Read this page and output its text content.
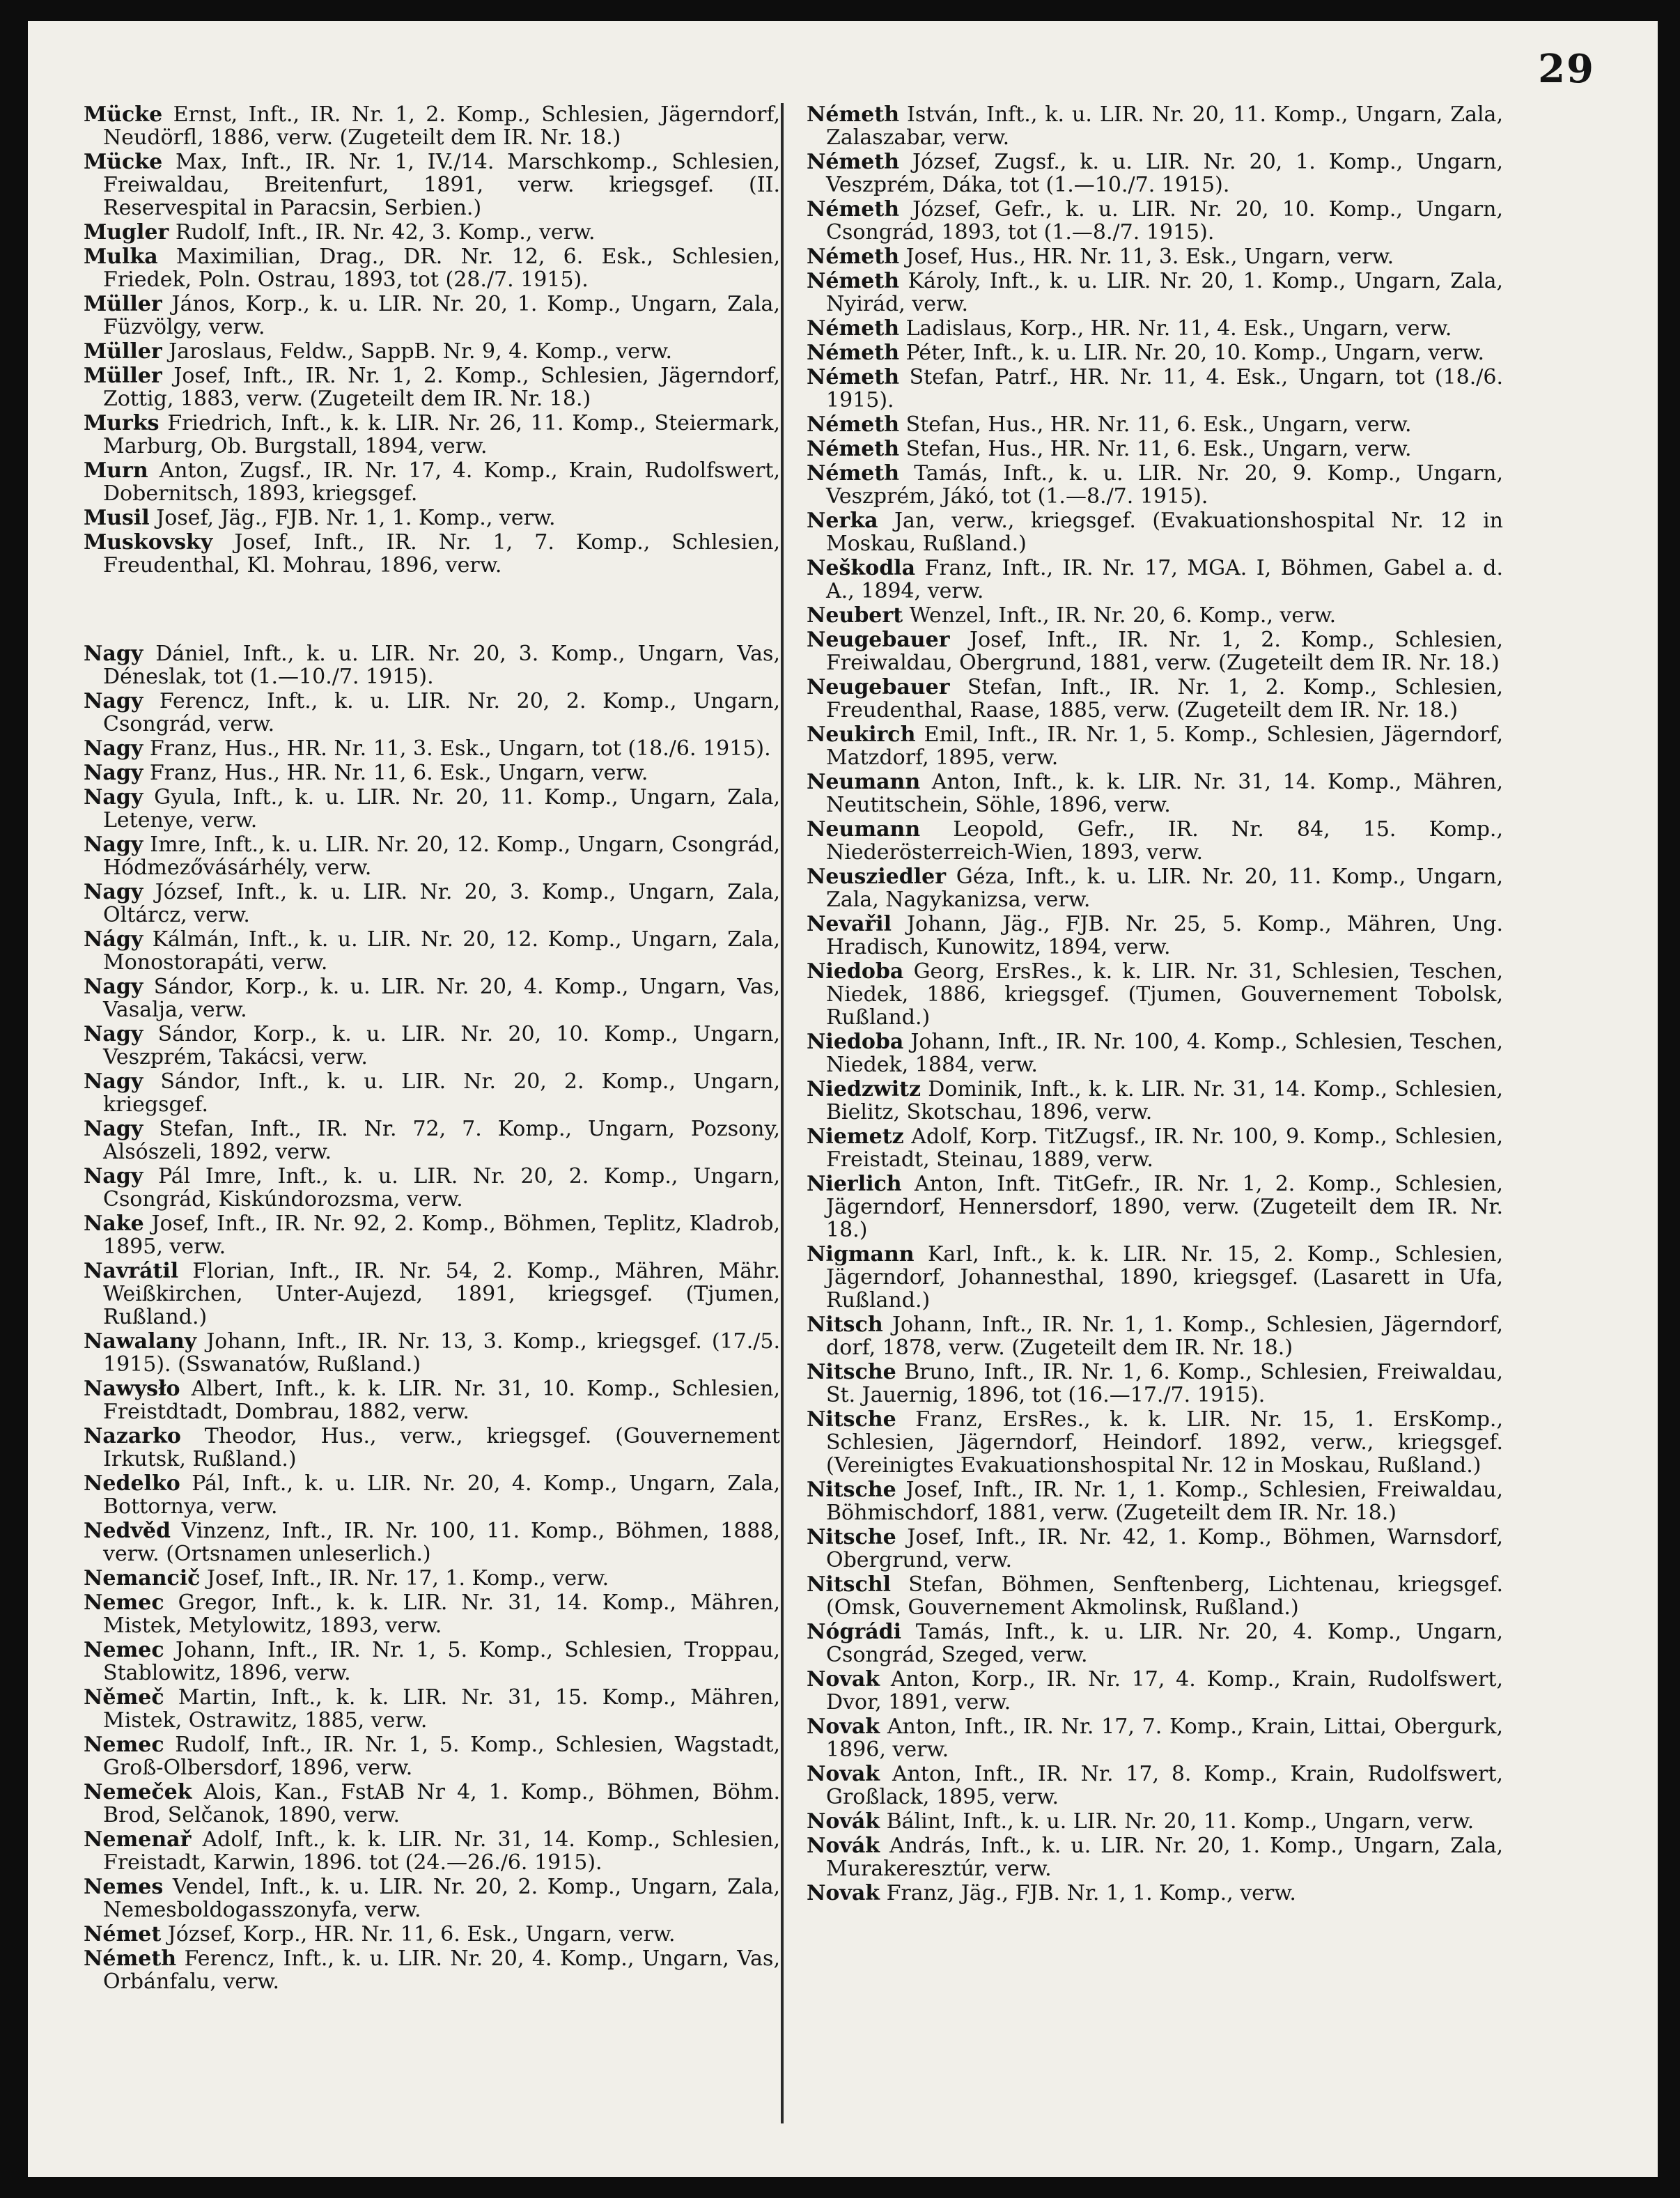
29
Mücke Ernst, Inft., IR. Nr. 1, 2. Komp., Schlesien, Jägerndorf, Neudörfl, 1886, verw. (Zugeteilt dem IR. Nr. 18.)
Mücke Max, Inft., IR. Nr. 1, IV./14. Marschkomp., Schlesien, Freiwaldau, Breitenfurt, 1891, verw. kriegsgef. (II. Reservespital in Paracsin, Serbien.)
Mugler Rudolf, Inft., IR. Nr. 42, 3. Komp., verw.
Mulka Maximilian, Drag., DR. Nr. 12, 6. Esk., Schlesien, Friedek, Poln. Ostrau, 1893, tot (28./7. 1915).
Müller János, Korp., k. u. LIR. Nr. 20, 1. Komp., Ungarn, Zala, Füzvölgy, verw.
Müller Jaroslaus, Feldw., SappB. Nr. 9, 4. Komp., verw.
Müller Josef, Inft., IR. Nr. 1, 2. Komp., Schlesien, Jägerndorf, Zottig, 1883, verw. (Zugeteilt dem IR. Nr. 18.)
Murks Friedrich, Inft., k. k. LIR. Nr. 26, 11. Komp., Steiermark, Marburg, Ob. Burgstall, 1894, verw.
Murn Anton, Zugsf., IR. Nr. 17, 4. Komp., Krain, Rudolfswert, Dobernitsch, 1893, kriegsgef.
Musil Josef, Jäg., FJB. Nr. 1, 1. Komp., verw.
Muskovsky Josef, Inft., IR. Nr. 1, 7. Komp., Schlesien, Freudenthal, Kl. Mohrau, 1896, verw.
Nagy Dániel, Inft., k. u. LIR. Nr. 20, 3. Komp., Ungarn, Vas, Déneslak, tot (1.—10./7. 1915).
Nagy Ferencz, Inft., k. u. LIR. Nr. 20, 2. Komp., Ungarn, Csongrád, verw.
Nagy Franz, Hus., HR. Nr. 11, 3. Esk., Ungarn, tot (18./6. 1915).
Nagy Franz, Hus., HR. Nr. 11, 6. Esk., Ungarn, verw.
Nagy Gyula, Inft., k. u. LIR. Nr. 20, 11. Komp., Ungarn, Zala, Letenye, verw.
Nagy Imre, Inft., k. u. LIR. Nr. 20, 12. Komp., Ungarn, Csongrád, Hódmezővásárhély, verw.
Nagy József, Inft., k. u. LIR. Nr. 20, 3. Komp., Ungarn, Zala, Oltárcz, verw.
Nágy Kálmán, Inft., k. u. LIR. Nr. 20, 12. Komp., Ungarn, Zala, Monostorapáti, verw.
Nagy Sándor, Korp., k. u. LIR. Nr. 20, 4. Komp., Ungarn, Vas, Vasalja, verw.
Nagy Sándor, Korp., k. u. LIR. Nr. 20, 10. Komp., Ungarn, Veszprém, Takácsi, verw.
Nagy Sándor, Inft., k. u. LIR. Nr. 20, 2. Komp., Ungarn, kriegsgef.
Nagy Stefan, Inft., IR. Nr. 72, 7. Komp., Ungarn, Pozsony, Alsószeli, 1892, verw.
Nagy Pál Imre, Inft., k. u. LIR. Nr. 20, 2. Komp., Ungarn, Csongrád, Kiskúndorozsma, verw.
Nake Josef, Inft., IR. Nr. 92, 2. Komp., Böhmen, Teplitz, Kladrob, 1895, verw.
Navrátil Florian, Inft., IR. Nr. 54, 2. Komp., Mähren, Mähr. Weißkirchen, Unter-Aujezd, 1891, kriegsgef. (Tjumen, Rußland.)
Nawalany Johann, Inft., IR. Nr. 13, 3. Komp., kriegsgef. (17./5. 1915). (Sswanatów, Rußland.)
Nawysło Albert, Inft., k. k. LIR. Nr. 31, 10. Komp., Schlesien, Freistdtadt, Dombrau, 1882, verw.
Nazarko Theodor, Hus., verw., kriegsgef. (Gouvernement Irkutsk, Rußland.)
Nedelko Pál, Inft., k. u. LIR. Nr. 20, 4. Komp., Ungarn, Zala, Bottornya, verw.
Nedvěd Vinzenz, Inft., IR. Nr. 100, 11. Komp., Böhmen, 1888, verw. (Ortsnamen unleserlich.)
Nemancič Josef, Inft., IR. Nr. 17, 1. Komp., verw.
Nemec Gregor, Inft., k. k. LIR. Nr. 31, 14. Komp., Mähren, Mistek, Metylowitz, 1893, verw.
Nemec Johann, Inft., IR. Nr. 1, 5. Komp., Schlesien, Troppau, Stablowitz, 1896, verw.
Němeč Martin, Inft., k. k. LIR. Nr. 31, 15. Komp., Mähren, Mistek, Ostrawitz, 1885, verw.
Nemec Rudolf, Inft., IR. Nr. 1, 5. Komp., Schlesien, Wagstadt, Groß-Olbersdorf, 1896, verw.
Nemeček Alois, Kan., FstAB Nr 4, 1. Komp., Böhmen, Böhm. Brod, Selčanok, 1890, verw.
Nemenař Adolf, Inft., k. k. LIR. Nr. 31, 14. Komp., Schlesien, Freistadt, Karwin, 1896. tot (24.—26./6. 1915).
Nemes Vendel, Inft., k. u. LIR. Nr. 20, 2. Komp., Ungarn, Zala, Nemesboldogasszonyfa, verw.
Német József, Korp., HR. Nr. 11, 6. Esk., Ungarn, verw.
Németh Ferencz, Inft., k. u. LIR. Nr. 20, 4. Komp., Ungarn, Vas, Orbánfalu, verw.
Németh István, Inft., k. u. LIR. Nr. 20, 11. Komp., Ungarn, Zala, Zalaszabar, verw.
Németh József, Zugsf., k. u. LIR. Nr. 20, 1. Komp., Ungarn, Veszprém, Dáka, tot (1.—10./7. 1915).
Németh József, Gefr., k. u. LIR. Nr. 20, 10. Komp., Ungarn, Csongrád, 1893, tot (1.—8./7. 1915).
Németh Josef, Hus., HR. Nr. 11, 3. Esk., Ungarn, verw.
Németh Károly, Inft., k. u. LIR. Nr. 20, 1. Komp., Ungarn, Zala, Nyirád, verw.
Németh Ladislaus, Korp., HR. Nr. 11, 4. Esk., Ungarn, verw.
Németh Péter, Inft., k. u. LIR. Nr. 20, 10. Komp., Ungarn, verw.
Németh Stefan, Patrf., HR. Nr. 11, 4. Esk., Ungarn, tot (18./6. 1915).
Németh Stefan, Hus., HR. Nr. 11, 6. Esk., Ungarn, verw.
Németh Stefan, Hus., HR. Nr. 11, 6. Esk., Ungarn, verw.
Németh Tamás, Inft., k. u. LIR. Nr. 20, 9. Komp., Ungarn, Veszprém, Jákó, tot (1.—8./7. 1915).
Nerka Jan, verw., kriegsgef. (Evakuationshospital Nr. 12 in Moskau, Rußland.)
Neškodla Franz, Inft., IR. Nr. 17, MGA. I, Böhmen, Gabel a. d. A., 1894, verw.
Neubert Wenzel, Inft., IR. Nr. 20, 6. Komp., verw.
Neugebauer Josef, Inft., IR. Nr. 1, 2. Komp., Schlesien, Freiwaldau, Obergrund, 1881, verw. (Zugeteilt dem IR. Nr. 18.)
Neugebauer Stefan, Inft., IR. Nr. 1, 2. Komp., Schlesien, Freudenthal, Raase, 1885, verw. (Zugeteilt dem IR. Nr. 18.)
Neukirch Emil, Inft., IR. Nr. 1, 5. Komp., Schlesien, Jägerndorf, Matzdorf, 1895, verw.
Neumann Anton, Inft., k. k. LIR. Nr. 31, 14. Komp., Mähren, Neutitschein, Söhle, 1896, verw.
Neumann Leopold, Gefr., IR. Nr. 84, 15. Komp., Niederösterreich-Wien, 1893, verw.
Neusziedler Géza, Inft., k. u. LIR. Nr. 20, 11. Komp., Ungarn, Zala, Nagykanizsa, verw.
Nevařil Johann, Jäg., FJB. Nr. 25, 5. Komp., Mähren, Ung. Hradisch, Kunowitz, 1894, verw.
Niedoba Georg, ErsRes., k. k. LIR. Nr. 31, Schlesien, Teschen, Niedek, 1886, kriegsgef. (Tjumen, Gouvernement Tobolsk, Rußland.)
Niedoba Johann, Inft., IR. Nr. 100, 4. Komp., Schlesien, Teschen, Niedek, 1884, verw.
Niedzwitz Dominik, Inft., k. k. LIR. Nr. 31, 14. Komp., Schlesien, Bielitz, Skotschau, 1896, verw.
Niemetz Adolf, Korp. TitZugsf., IR. Nr. 100, 9. Komp., Schlesien, Freistadt, Steinau, 1889, verw.
Nierlich Anton, Inft. TitGefr., IR. Nr. 1, 2. Komp., Schlesien, Jägerndorf, Hennersdorf, 1890, verw. (Zugeteilt dem IR. Nr. 18.)
Nigmann Karl, Inft., k. k. LIR. Nr. 15, 2. Komp., Schlesien, Jägerndorf, Johannesthal, 1890, kriegsgef. (Lasarett in Ufa, Rußland.)
Nitsch Johann, Inft., IR. Nr. 1, 1. Komp., Schlesien, Jägerndorf, dorf, 1878, verw. (Zugeteilt dem IR. Nr. 18.)
Nitsche Bruno, Inft., IR. Nr. 1, 6. Komp., Schlesien, Freiwaldau, St. Jauernig, 1896, tot (16.—17./7. 1915).
Nitsche Franz, ErsRes., k. k. LIR. Nr. 15, 1. ErsKomp., Schlesien, Jägerndorf, Heindorf. 1892, verw., kriegsgef. (Vereinigtes Evakuationshospital Nr. 12 in Moskau, Rußland.)
Nitsche Josef, Inft., IR. Nr. 1, 1. Komp., Schlesien, Freiwaldau, Böhmischdorf, 1881, verw. (Zugeteilt dem IR. Nr. 18.)
Nitsche Josef, Inft., IR. Nr. 42, 1. Komp., Böhmen, Warnsdorf, Obergrund, verw.
Nitschl Stefan, Böhmen, Senftenberg, Lichtenau, kriegsgef. (Omsk, Gouvernement Akmolinsk, Rußland.)
Nógrádi Tamás, Inft., k. u. LIR. Nr. 20, 4. Komp., Ungarn, Csongrád, Szeged, verw.
Novak Anton, Korp., IR. Nr. 17, 4. Komp., Krain, Rudolfswert, Dvor, 1891, verw.
Novak Anton, Inft., IR. Nr. 17, 7. Komp., Krain, Littai, Obergurk, 1896, verw.
Novak Anton, Inft., IR. Nr. 17, 8. Komp., Krain, Rudolfswert, Großlack, 1895, verw.
Novák Bálint, Inft., k. u. LIR. Nr. 20, 11. Komp., Ungarn, verw.
Novák András, Inft., k. u. LIR. Nr. 20, 1. Komp., Ungarn, Zala, Murakeresztúr, verw.
Novak Franz, Jäg., FJB. Nr. 1, 1. Komp., verw.
